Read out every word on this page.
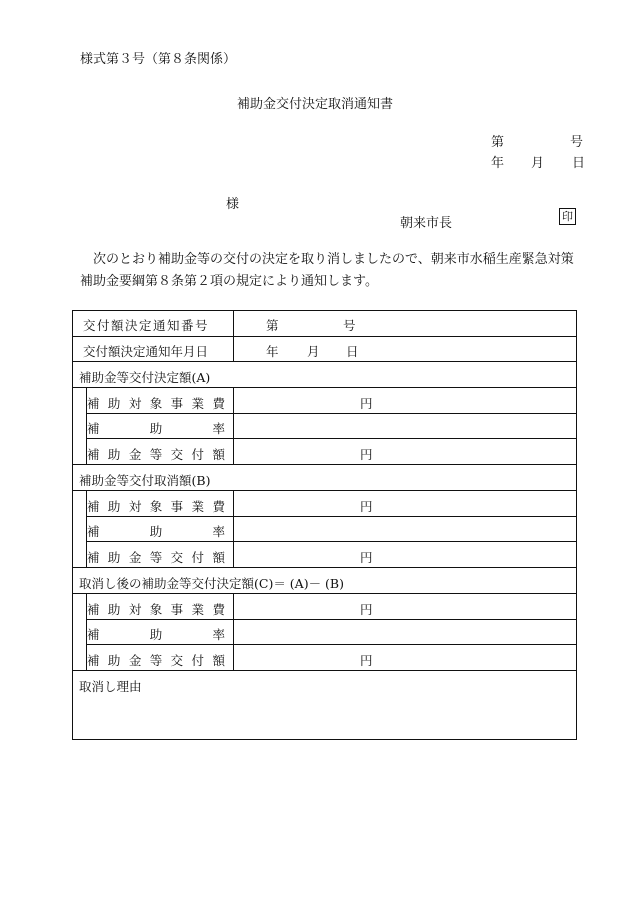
様式第３号（第８条関係）
補助金交付決定取消通知書
第	号
年 月 日
様
朝来市長	印
次のとおり補助金等の交付の決定を取り消しましたので、朝来市水稲生産緊急対策補助金要綱第８条第２項の規定により通知します。
交付額決定通知番号	第	号
交付額決定通知年月日	年 月 日
補助金等交付決定額(A)
補 助 対 象 事 業 費	円
補	助	率
補 助 金 等 交 付 額	円
補助金等交付取消額(B)
補 助 対 象 事 業 費	円
補	助	率
補 助 金 等 交 付 額	円
取消し後の補助金等交付決定額(C)＝ (A)－ (B)
補 助 対 象 事 業 費	円
補	助	率
補 助 金 等 交 付 額	円
取消し理由
